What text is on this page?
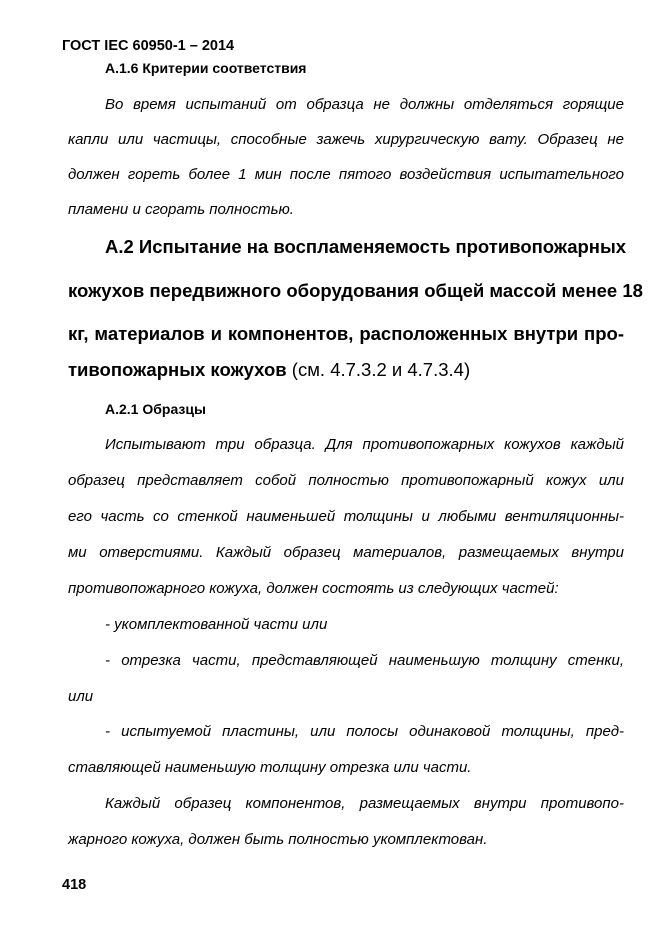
ГОСТ IEC 60950-1 – 2014
A.1.6 Критерии соответствия
Во время испытаний от образца не должны отделяться горящие
капли или частицы, способные зажечь хирургическую вату. Образец не
должен гореть более 1 мин после пятого воздействия испытательного
пламени и сгорать полностью.
А.2 Испытание на воспламеняемость противопожарных
кожухов передвижного оборудования общей массой менее 18
кг, материалов и компонентов, расположенных внутри про-
тивопожарных кожухов (см. 4.7.3.2 и 4.7.3.4)
А.2.1 Образцы
Испытывают три образца. Для противопожарных кожухов каждый
образец представляет собой полностью противопожарный кожух или
его часть со стенкой наименьшей толщины и любыми вентиляционны-
ми отверстиями. Каждый образец материалов, размещаемых внутри
противопожарного кожуха, должен состоять из следующих частей:
- укомплектованной части или
- отрезка части, представляющей наименьшую толщину стенки,
или
- испытуемой пластины, или полосы одинаковой толщины, пред-
ставляющей наименьшую толщину отрезка или части.
Каждый образец компонентов, размещаемых внутри противопо-
жарного кожуха, должен быть полностью укомплектован.
418
